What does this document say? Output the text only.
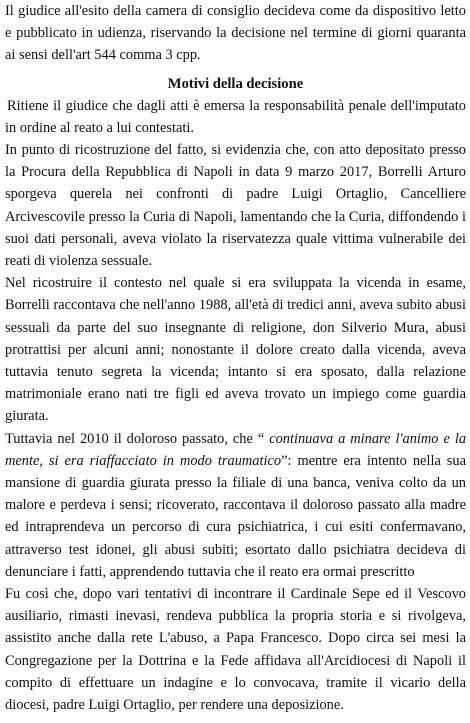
Il giudice all'esito della camera di consiglio decideva come da dispositivo letto e pubblicato in udienza, riservando la decisione nel termine di giorni quaranta ai sensi dell'art 544 comma 3 cpp.

Motivi della decisione

Ritiene il giudice che dagli atti è emersa la responsabilità penale dell'imputato in ordine al reato a lui contestati.

In punto di ricostruzione del fatto, si evidenzia che, con atto depositato presso la Procura della Repubblica di Napoli in data 9 marzo 2017, Borrelli Arturo sporgeva querela nei confronti di padre Luigi Ortaglio, Cancelliere Arcivescovile presso la Curia di Napoli, lamentando che la Curia, diffondendo i suoi dati personali, aveva violato la riservatezza quale vittima vulnerabile dei reati di violenza sessuale.

Nel ricostruire il contesto nel quale si era sviluppata la vicenda in esame, Borrelli raccontava che nell'anno 1988, all'età di tredici anni, aveva subito abusi sessuali da parte del suo insegnante di religione, don Silverio Mura, abusi protrattisi per alcuni anni; nonostante il dolore creato dalla vicenda, aveva tuttavia tenuto segreta la vicenda; intanto si era sposato, dalla relazione matrimoniale erano nati tre figli ed aveva trovato un impiego come guardia giurata.

Tuttavia nel 2010 il doloroso passato, che “ continuava a minare l'animo e la mente, si era riaffacciato in modo traumatico”: mentre era intento nella sua mansione di guardia giurata presso la filiale di una banca, veniva colto da un malore e perdeva i sensi; ricoverato, raccontava il doloroso passato alla madre ed intraprendeva un percorso di cura psichiatrica, i cui esiti confermavano, attraverso test idonei, gli abusi subiti; esortato dallo psichiatra decideva di denunciare i fatti, apprendendo tuttavia che il reato era ormai prescritto

Fu così che, dopo vari tentativi di incontrare il Cardinale Sepe ed il Vescovo ausiliario, rimasti inevasi, rendeva pubblica la propria storia e si rivolgeva, assistito anche dalla rete L'abuso, a Papa Francesco. Dopo circa sei mesi la Congregazione per la Dottrina e la Fede affidava all'Arcidiocesi di Napoli il compito di effettuare un indagine e lo convocava, tramite il vicario della diocesi, padre Luigi Ortaglio, per rendere una deposizione.
